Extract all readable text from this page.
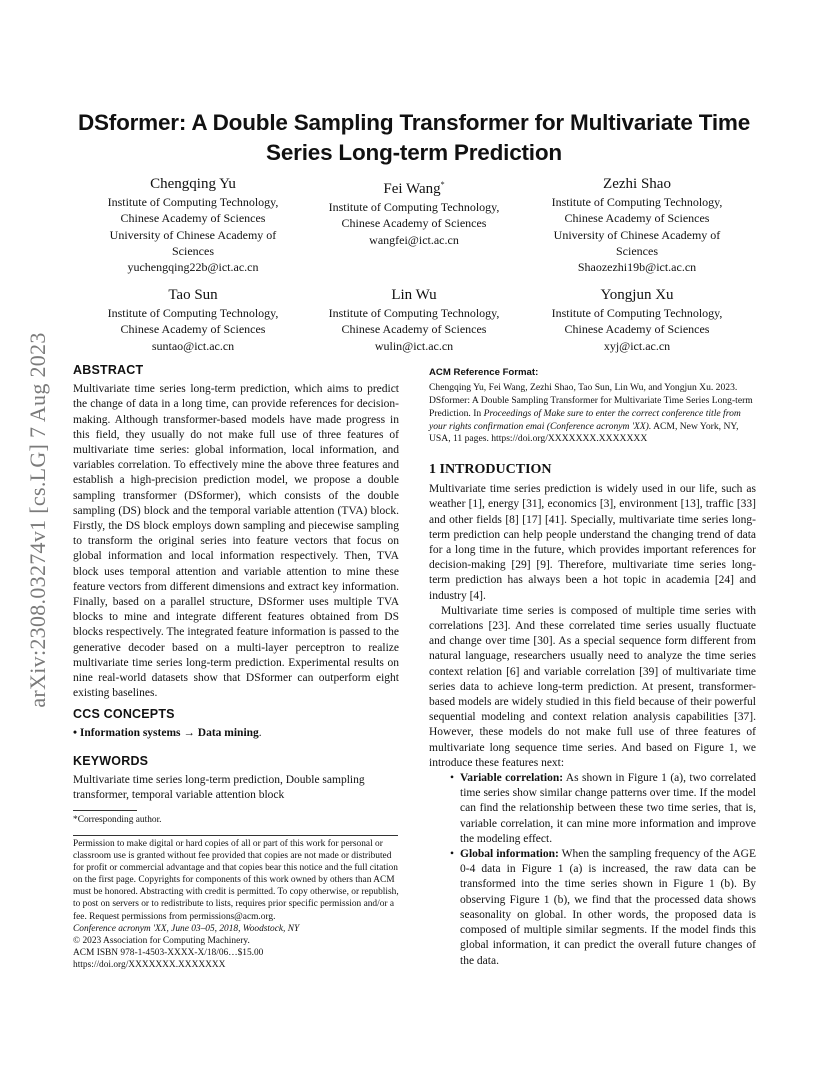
arXiv:2308.03274v1 [cs.LG] 7 Aug 2023
DSformer: A Double Sampling Transformer for Multivariate Time
Series Long-term Prediction
Chengqing Yu
Institute of Computing Technology,
Chinese Academy of Sciences
University of Chinese Academy of
Sciences
yuchengqing22b@ict.ac.cn
Fei Wang*
Institute of Computing Technology,
Chinese Academy of Sciences
wangfei@ict.ac.cn
Zezhi Shao
Institute of Computing Technology,
Chinese Academy of Sciences
University of Chinese Academy of
Sciences
Shaozezhi19b@ict.ac.cn
Tao Sun
Institute of Computing Technology,
Chinese Academy of Sciences
suntao@ict.ac.cn
Lin Wu
Institute of Computing Technology,
Chinese Academy of Sciences
wulin@ict.ac.cn
Yongjun Xu
Institute of Computing Technology,
Chinese Academy of Sciences
xyj@ict.ac.cn
ABSTRACT

Multivariate time series long-term prediction, which aims to predict the change of data in a long time, can provide references for decision-making. Although transformer-based models have made progress in this field, they usually do not make full use of three features of multivariate time series: global information, local information, and variables correlation. To effectively mine the above three features and establish a high-precision prediction model, we propose a double sampling transformer (DSformer), which consists of the double sampling (DS) block and the temporal variable attention (TVA) block. Firstly, the DS block employs down sampling and piecewise sampling to transform the original series into feature vectors that focus on global information and local information respectively. Then, TVA block uses temporal attention and variable attention to mine these feature vectors from different dimensions and extract key information. Finally, based on a parallel structure, DSformer uses multiple TVA blocks to mine and integrate different features obtained from DS blocks respectively. The integrated feature information is passed to the generative decoder based on a multi-layer perceptron to realize multivariate time series long-term prediction. Experimental results on nine real-world datasets show that DSformer can outperform eight existing baselines.

CCS CONCEPTS

• Information systems → Data mining.

KEYWORDS

Multivariate time series long-term prediction, Double sampling transformer, temporal variable attention block

*Corresponding author.

Permission to make digital or hard copies of all or part of this work for personal or classroom use is granted without fee provided that copies are not made or distributed for profit or commercial advantage and that copies bear this notice and the full citation on the first page. Copyrights for components of this work owned by others than ACM must be honored. Abstracting with credit is permitted. To copy otherwise, or republish, to post on servers or to redistribute to lists, requires prior specific permission and/or a fee. Request permissions from permissions@acm.org.

Conference acronym 'XX, June 03–05, 2018, Woodstock, NY

© 2023 Association for Computing Machinery.

ACM ISBN 978-1-4503-XXXX-X/18/06…$15.00

https://doi.org/XXXXXXX.XXXXXXX

ACM Reference Format:

Chengqing Yu, Fei Wang, Zezhi Shao, Tao Sun, Lin Wu, and Yongjun Xu. 2023. DSformer: A Double Sampling Transformer for Multivariate Time Series Long-term Prediction. In Proceedings of Make sure to enter the correct conference title from your rights confirmation emai (Conference acronym 'XX). ACM, New York, NY, USA, 11 pages. https://doi.org/XXXXXXX.XXXXXXX

1 INTRODUCTION

Multivariate time series prediction is widely used in our life, such as weather [1], energy [31], economics [3], environment [13], traffic [33] and other fields [8] [17] [41]. Specially, multivariate time series long-term prediction can help people understand the changing trend of data for a long time in the future, which provides important references for decision-making [29] [9]. Therefore, multivariate time series long-term prediction has always been a hot topic in academia [24] and industry [4].

Multivariate time series is composed of multiple time series with correlations [23]. And these correlated time series usually fluctuate and change over time [30]. As a special sequence form different from natural language, researchers usually need to analyze the time series context relation [6] and variable correlation [39] of multivariate time series data to achieve long-term prediction. At present, transformer-based models are widely studied in this field because of their powerful sequential modeling and context relation analysis capabilities [37]. However, these models do not make full use of three features of multivariate long sequence time series. And based on Figure 1, we introduce these features next:

• Variable correlation: As shown in Figure 1 (a), two correlated time series show similar change patterns over time. If the model can find the relationship between these two time series, that is, variable correlation, it can mine more information and improve the modeling effect.
• Global information: When the sampling frequency of the AGE 0-4 data in Figure 1 (a) is increased, the raw data can be transformed into the time series shown in Figure 1 (b). By observing Figure 1 (b), we find that the processed data shows seasonality on global. In other words, the proposed data is composed of multiple similar segments. If the model finds this global information, it can predict the overall future changes of the data.
